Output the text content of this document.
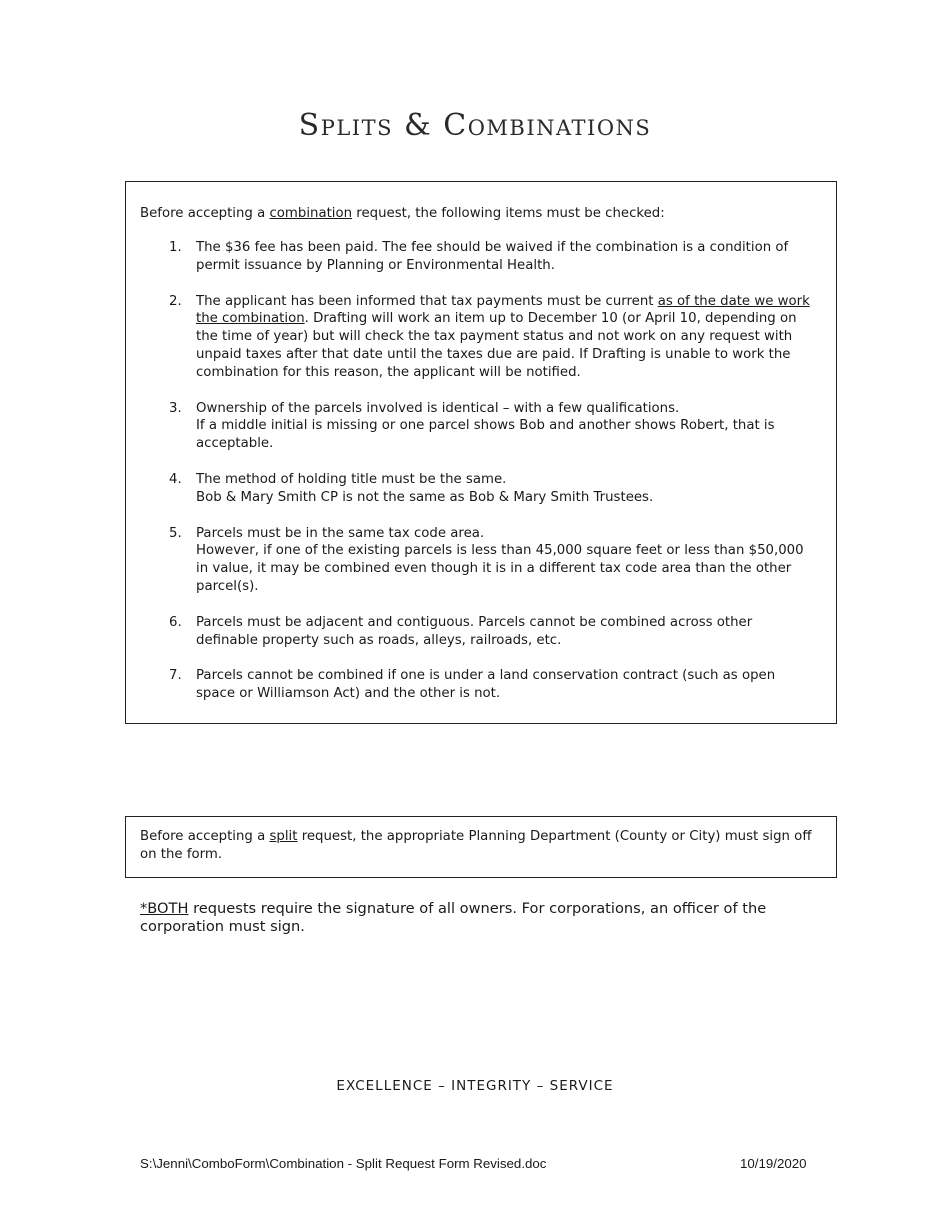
Splits & Combinations
Before accepting a combination request, the following items must be checked:
1. The $36 fee has been paid. The fee should be waived if the combination is a condition of permit issuance by Planning or Environmental Health.
2. The applicant has been informed that tax payments must be current as of the date we work the combination. Drafting will work an item up to December 10 (or April 10, depending on the time of year) but will check the tax payment status and not work on any request with unpaid taxes after that date until the taxes due are paid. If Drafting is unable to work the combination for this reason, the applicant will be notified.
3. Ownership of the parcels involved is identical – with a few qualifications.
If a middle initial is missing or one parcel shows Bob and another shows Robert, that is acceptable.
4. The method of holding title must be the same.
Bob & Mary Smith CP is not the same as Bob & Mary Smith Trustees.
5. Parcels must be in the same tax code area.
However, if one of the existing parcels is less than 45,000 square feet or less than $50,000 in value, it may be combined even though it is in a different tax code area than the other parcel(s).
6. Parcels must be adjacent and contiguous. Parcels cannot be combined across other definable property such as roads, alleys, railroads, etc.
7. Parcels cannot be combined if one is under a land conservation contract (such as open space or Williamson Act) and the other is not.

Before accepting a split request, the appropriate Planning Department (County or City) must sign off on the form.

*BOTH requests require the signature of all owners. For corporations, an officer of the corporation must sign.

EXCELLENCE – INTEGRITY – SERVICE
S:\Jenni\ComboForm\Combination - Split Request Form Revised.doc	10/19/2020
